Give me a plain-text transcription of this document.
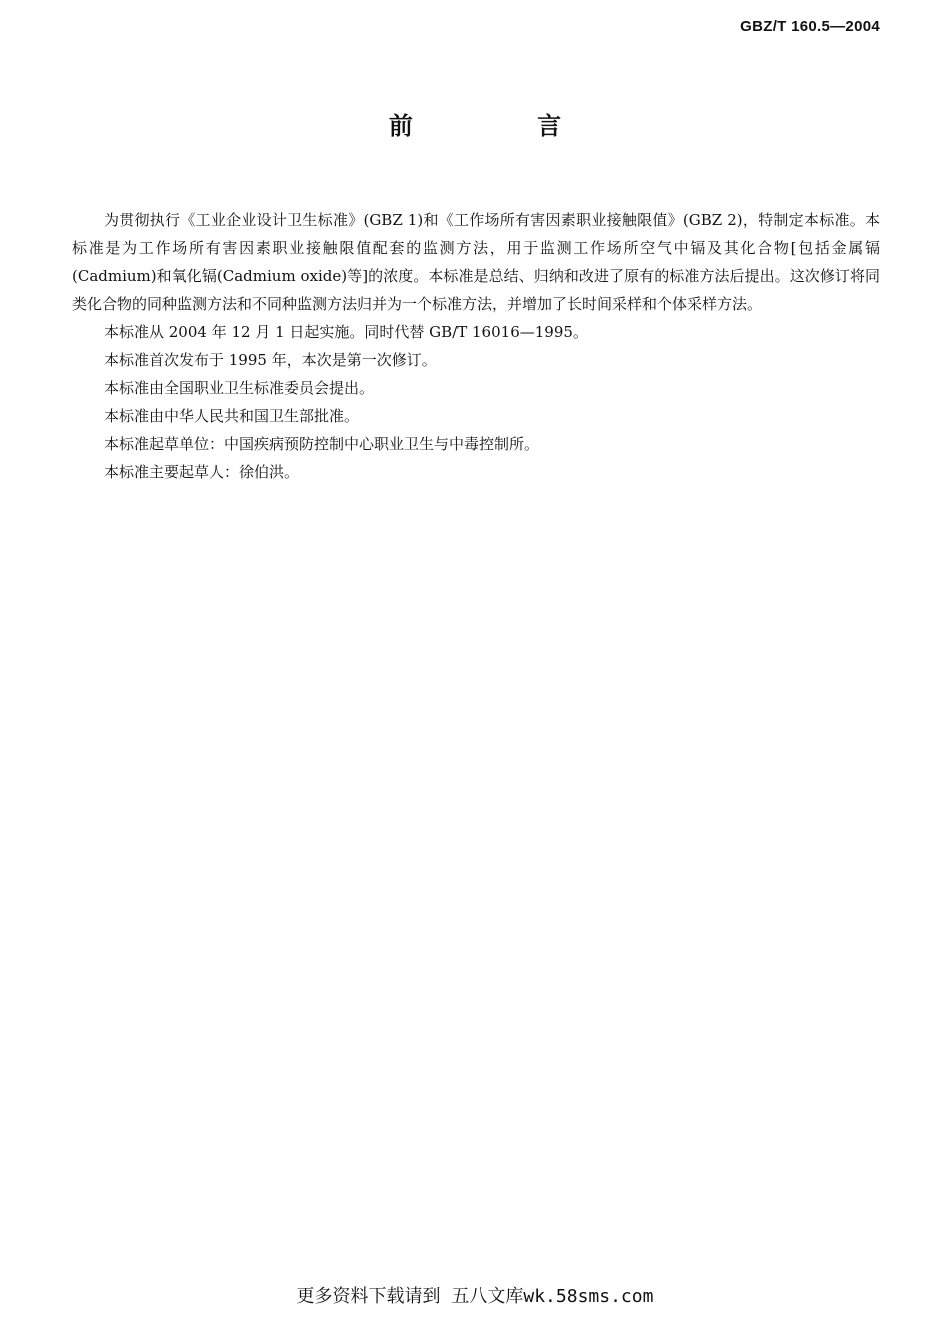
GBZ/T 160.5—2004
前 言

为贯彻执行《工业企业设计卫生标准》(GBZ 1)和《工作场所有害因素职业接触限值》(GBZ 2)，特制定本标准。本标准是为工作场所有害因素职业接触限值配套的监测方法，用于监测工作场所空气中镉及其化合物[包括金属镉(Cadmium)和氧化镉(Cadmium oxide)等]的浓度。本标准是总结、归纳和改进了原有的标准方法后提出。这次修订将同类化合物的同种监测方法和不同种监测方法归并为一个标准方法，并增加了长时间采样和个体采样方法。

本标准从 2004 年 12 月 1 日起实施。同时代替 GB/T 16016—1995。

本标准首次发布于 1995 年，本次是第一次修订。

本标准由全国职业卫生标准委员会提出。

本标准由中华人民共和国卫生部批准。

本标准起草单位：中国疾病预防控制中心职业卫生与中毒控制所。

本标准主要起草人：徐伯洪。

更多资料下载请到 五八文库wk.58sms.com
